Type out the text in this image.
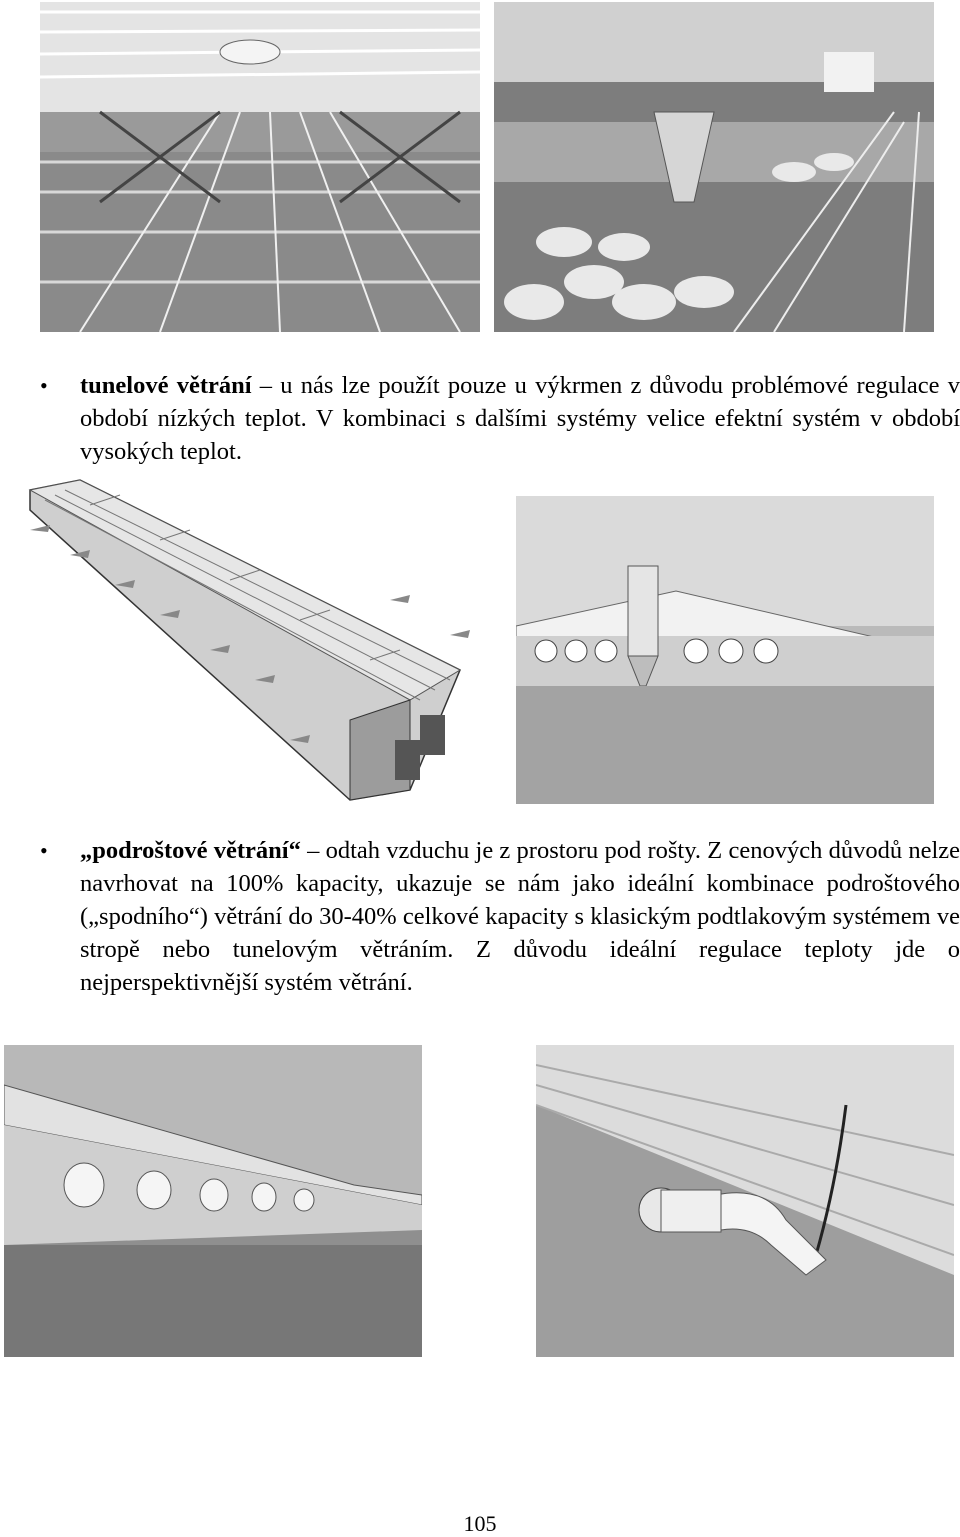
• tunelové větrání – u nás lze použít pouze u výkrmen z důvodu problémové regulace v období nízkých teplot. V kombinaci s dalšími systémy velice efektní systém v období vysokých teplot.

• „podroštové větrání“ – odtah vzduchu je z prostoru pod rošty. Z cenových důvodů nelze navrhovat na 100% kapacity, ukazuje se nám jako ideální kombinace podroštového („spodního“) větrání do 30-40% celkové kapacity s klasickým podtlakovým systémem ve stropě nebo tunelovým větráním. Z důvodu ideální regulace teploty jde o nejperspektivnější systém větrání.

105
